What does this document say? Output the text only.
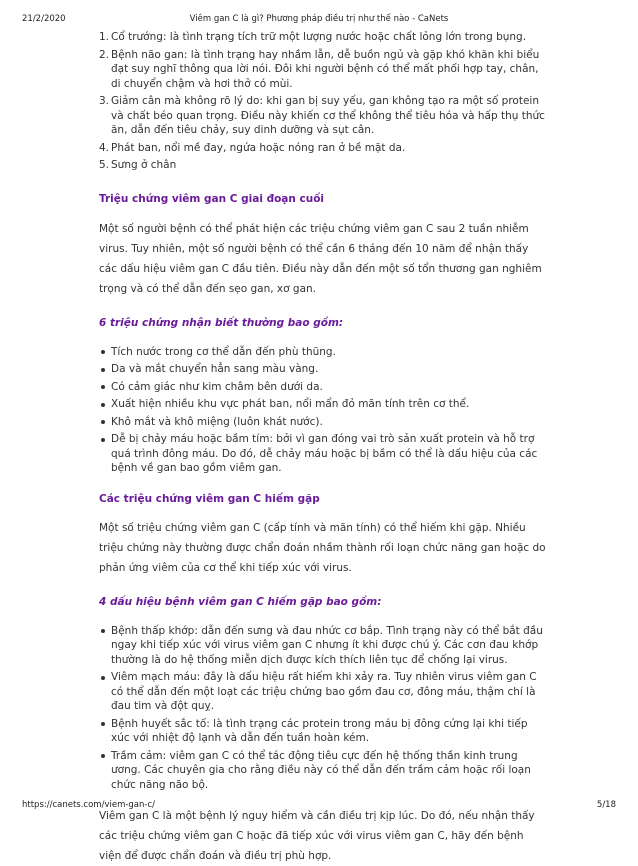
21/2/2020	Viêm gan C là gì? Phương pháp điều trị như thế nào - CaNets
1. Cổ trướng: là tình trạng tích trữ một lượng nước hoặc chất lỏng lớn trong bụng.
2. Bệnh não gan: là tình trạng hay nhầm lẫn, dễ buồn ngủ và gặp khó khăn khi biểu đạt suy nghĩ thông qua lời nói. Đôi khi người bệnh có thể mất phối hợp tay, chân, di chuyển chậm và hơi thở có mùi.
3. Giảm cân mà không rõ lý do: khi gan bị suy yếu, gan không tạo ra một số protein và chất béo quan trọng. Điều này khiến cơ thể không thể tiêu hóa và hấp thụ thức ăn, dẫn đến tiêu chảy, suy dinh dưỡng và sụt cân.
4. Phát ban, nổi mề đay, ngứa hoặc nóng ran ở bề mặt da.
5. Sưng ở chân
Triệu chứng viêm gan C giai đoạn cuối

Một số người bệnh có thể phát hiện các triệu chứng viêm gan C sau 2 tuần nhiễm virus. Tuy nhiên, một số người bệnh có thể cần 6 tháng đến 10 năm để nhận thấy các dấu hiệu viêm gan C đầu tiên. Điều này dẫn đến một số tổn thương gan nghiêm trọng và có thể dẫn đến sẹo gan, xơ gan.

6 triệu chứng nhận biết thường bao gồm:
Tích nước trong cơ thể dẫn đến phù thũng.
Da và mắt chuyển hẳn sang màu vàng.
Có cảm giác như kim châm bên dưới da.
Xuất hiện nhiều khu vực phát ban, nổi mẩn đỏ mãn tính trên cơ thể.
Khô mắt và khô miệng (luôn khát nước).
Dễ bị chảy máu hoặc bầm tím: bởi vì gan đóng vai trò sản xuất protein và hỗ trợ quá trình đông máu. Do đó, dễ chảy máu hoặc bị bầm có thể là dấu hiệu của các bệnh về gan bao gồm viêm gan.
Các triệu chứng viêm gan C hiếm gặp

Một số triệu chứng viêm gan C (cấp tính và mãn tính) có thể hiếm khi gặp. Nhiều triệu chứng này thường được chẩn đoán nhầm thành rối loạn chức năng gan hoặc do phản ứng viêm của cơ thể khi tiếp xúc với virus.

4 dấu hiệu bệnh viêm gan C hiếm gặp bao gồm:
Bệnh thấp khớp: dẫn đến sưng và đau nhức cơ bắp. Tình trạng này có thể bắt đầu ngay khi tiếp xúc với virus viêm gan C nhưng ít khi được chú ý. Các cơn đau khớp thường là do hệ thống miễn dịch được kích thích liên tục để chống lại virus.
Viêm mạch máu: đây là dấu hiệu rất hiếm khi xảy ra. Tuy nhiên virus viêm gan C có thể dẫn đến một loạt các triệu chứng bao gồm đau cơ, đông máu, thậm chí là đau tim và đột quỵ.
Bệnh huyết sắc tố: là tình trạng các protein trong máu bị đông cứng lại khi tiếp xúc với nhiệt độ lạnh và dẫn đến tuần hoàn kém.
Trầm cảm: viêm gan C có thể tác động tiêu cực đến hệ thống thần kinh trung ương. Các chuyên gia cho rằng điều này có thể dẫn đến trầm cảm hoặc rối loạn chức năng não bộ.

Viêm gan C là một bệnh lý nguy hiểm và cần điều trị kịp lúc. Do đó, nếu nhận thấy các triệu chứng viêm gan C hoặc đã tiếp xúc với virus viêm gan C, hãy đến bệnh viện để được chẩn đoán và điều trị phù hợp.

https://canets.com/viem-gan-c/	5/18
